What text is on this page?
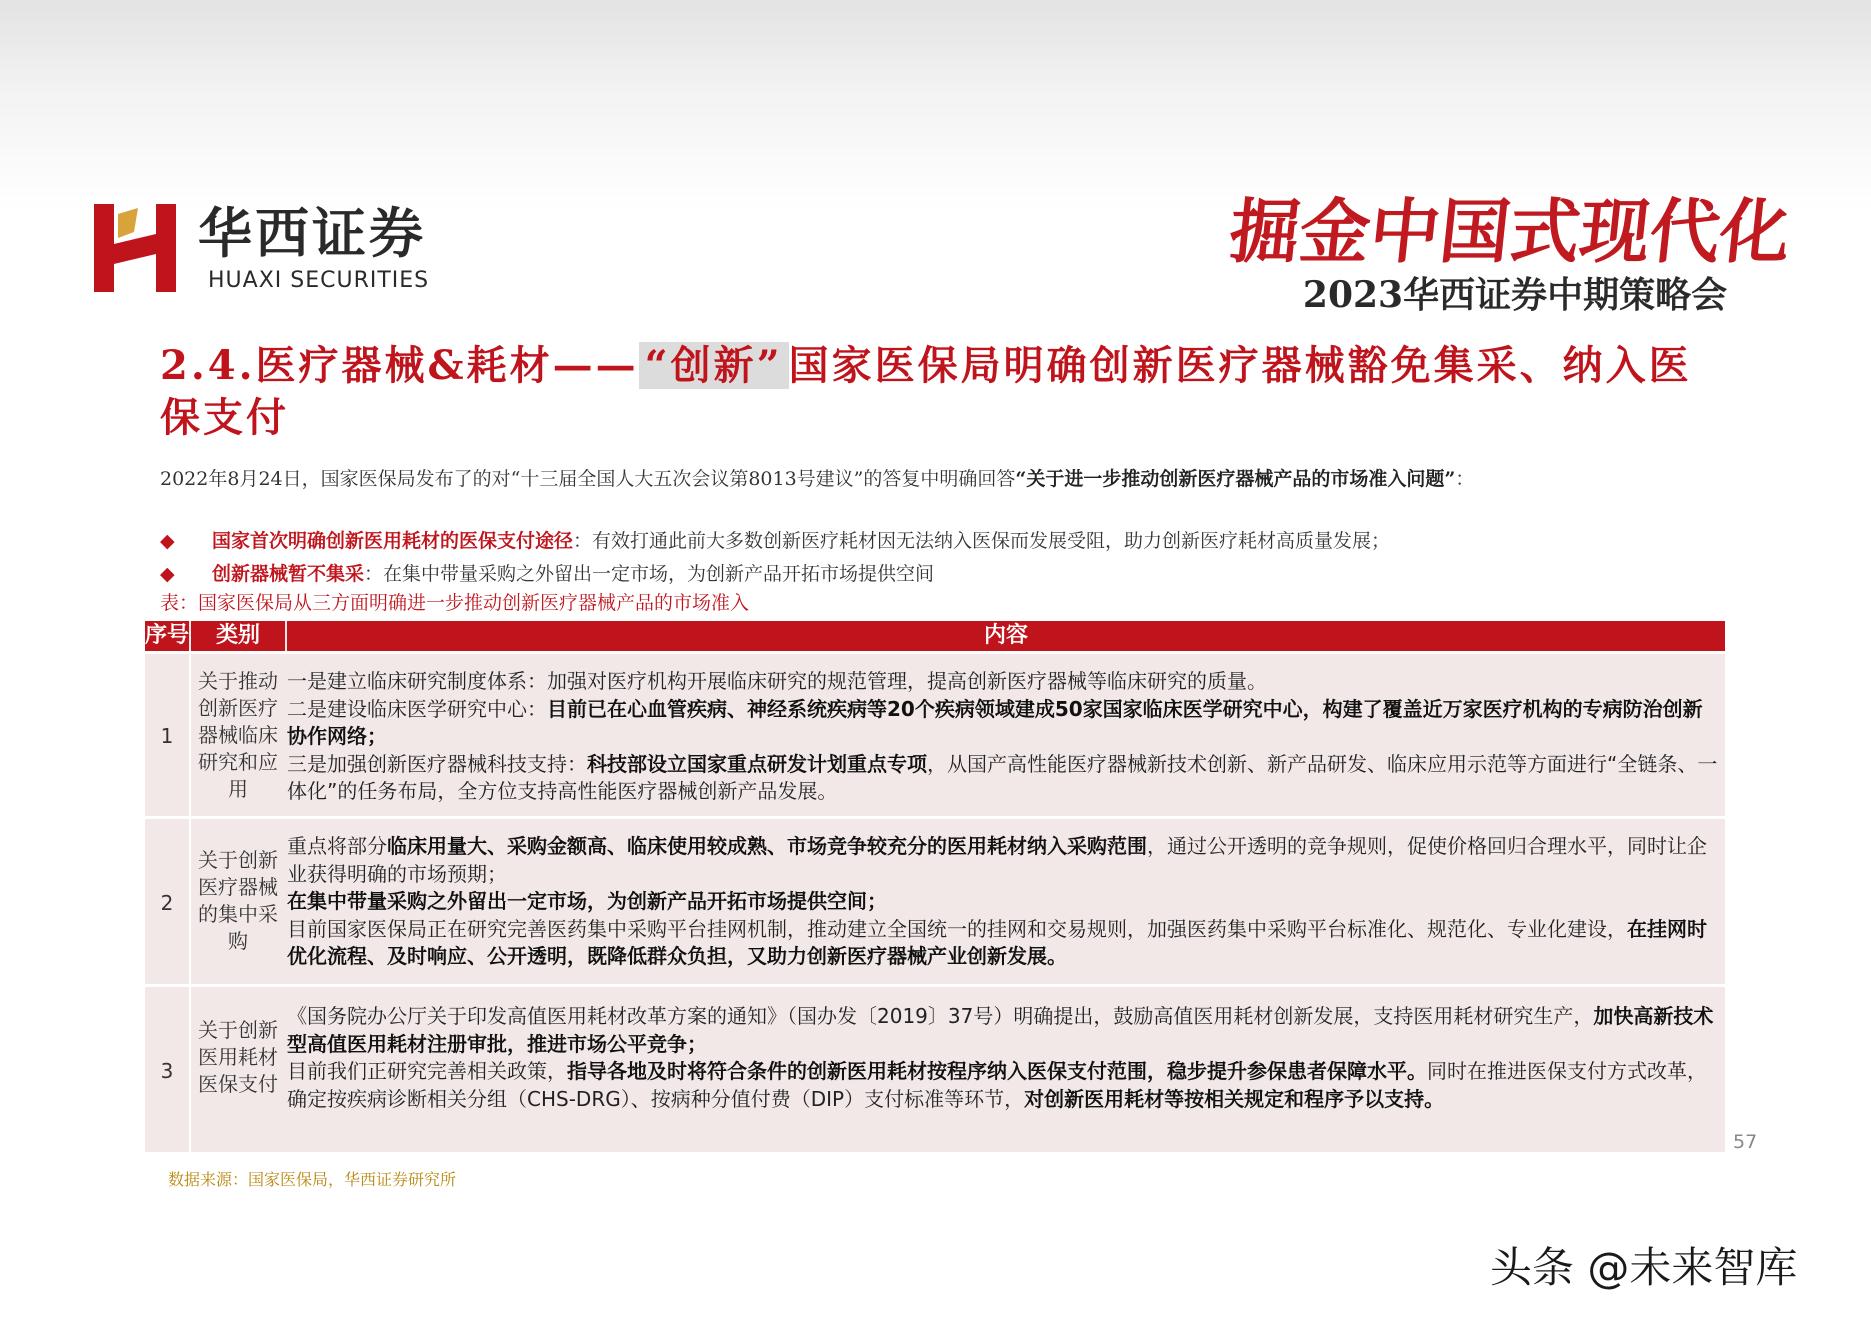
华西证券
HUAXI SECURITIES
掘金中国式现代化
2023华西证券中期策略会
2.4.医疗器械&耗材—— “创新” 国家医保局明确创新医疗器械豁免集采、纳入医保支付
2022年8月24日，国家医保局发布了的对“十三届全国人大五次会议第8013号建议”的答复中明确回答“关于进一步推动创新医疗器械产品的市场准入问题”：
◆ 国家首次明确创新医用耗材的医保支付途径：有效打通此前大多数创新医疗耗材因无法纳入医保而发展受阻，助力创新医疗耗材高质量发展；
◆ 创新器械暂不集采：在集中带量采购之外留出一定市场，为创新产品开拓市场提供空间
表：国家医保局从三方面明确进一步推动创新医疗器械产品的市场准入
序号	类别	内容
1
关于推动创新医疗器械临床研究和应用

一是建立临床研究制度体系：加强对医疗机构开展临床研究的规范管理，提高创新医疗器械等临床研究的质量。

二是建设临床医学研究中心：目前已在心血管疾病、神经系统疾病等20个疾病领域建成50家国家临床医学研究中心，构建了覆盖近万家医疗机构的专病防治创新协作网络；

三是加强创新医疗器械科技支持：科技部设立国家重点研发计划重点专项，从国产高性能医疗器械新技术创新、新产品研发、临床应用示范等方面进行“全链条、一体化”的任务布局，全方位支持高性能医疗器械创新产品发展。

2
关于创新医疗器械的集中采购

重点将部分临床用量大、采购金额高、临床使用较成熟、市场竞争较充分的医用耗材纳入采购范围，通过公开透明的竞争规则，促使价格回归合理水平，同时让企业获得明确的市场预期；

在集中带量采购之外留出一定市场，为创新产品开拓市场提供空间；

目前国家医保局正在研究完善医药集中采购平台挂网机制，推动建立全国统一的挂网和交易规则，加强医药集中采购平台标准化、规范化、专业化建设，在挂网时优化流程、及时响应、公开透明，既降低群众负担，又助力创新医疗器械产业创新发展。

3
关于创新医用耗材医保支付

《国务院办公厅关于印发高值医用耗材改革方案的通知》（国办发〔2019〕37号）明确提出，鼓励高值医用耗材创新发展，支持医用耗材研究生产，加快高新技术型高值医用耗材注册审批，推进市场公平竞争；

目前我们正研究完善相关政策，指导各地及时将符合条件的创新医用耗材按程序纳入医保支付范围，稳步提升参保患者保障水平。同时在推进医保支付方式改革，确定按疾病诊断相关分组（CHS-DRG）、按病种分值付费（DIP）支付标准等环节，对创新医用耗材等按相关规定和程序予以支持。

57
数据来源：国家医保局，华西证券研究所
头条 @未来智库
